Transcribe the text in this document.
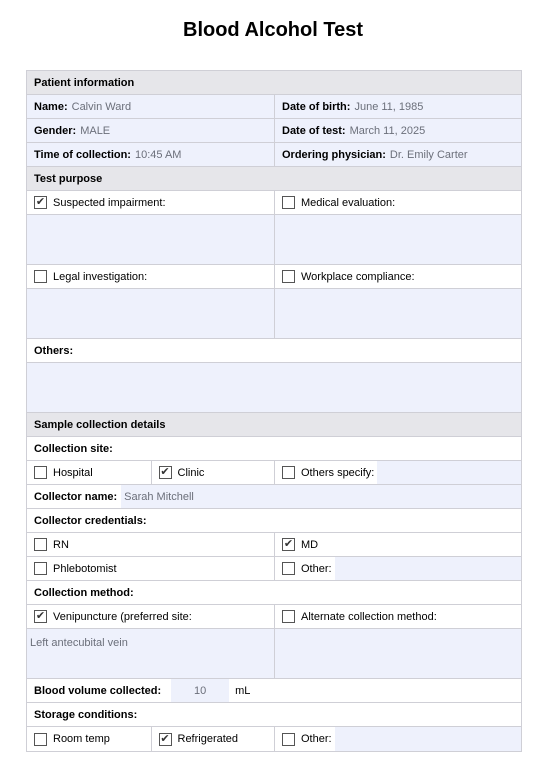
Blood Alcohol Test
Patient information
Name: Calvin Ward	Date of birth: June 11, 1985
Gender: MALE	Date of test: March 11, 2025
Time of collection: 10:45 AM	Ordering physician: Dr. Emily Carter
Test purpose
✔ Suspected impairment:	Medical evaluation:
Legal investigation:	Workplace compliance:
Others:
Sample collection details
Collection site:
Hospital	✔ Clinic	Others specify:
Collector name: Sarah Mitchell
Collector credentials:
RN	✔ MD
Phlebotomist	Other:
Collection method:
✔ Venipuncture (preferred site:	Alternate collection method:
Left antecubital vein
Blood volume collected:	10	mL
Storage conditions:
Room temp	✔ Refrigerated	Other:
